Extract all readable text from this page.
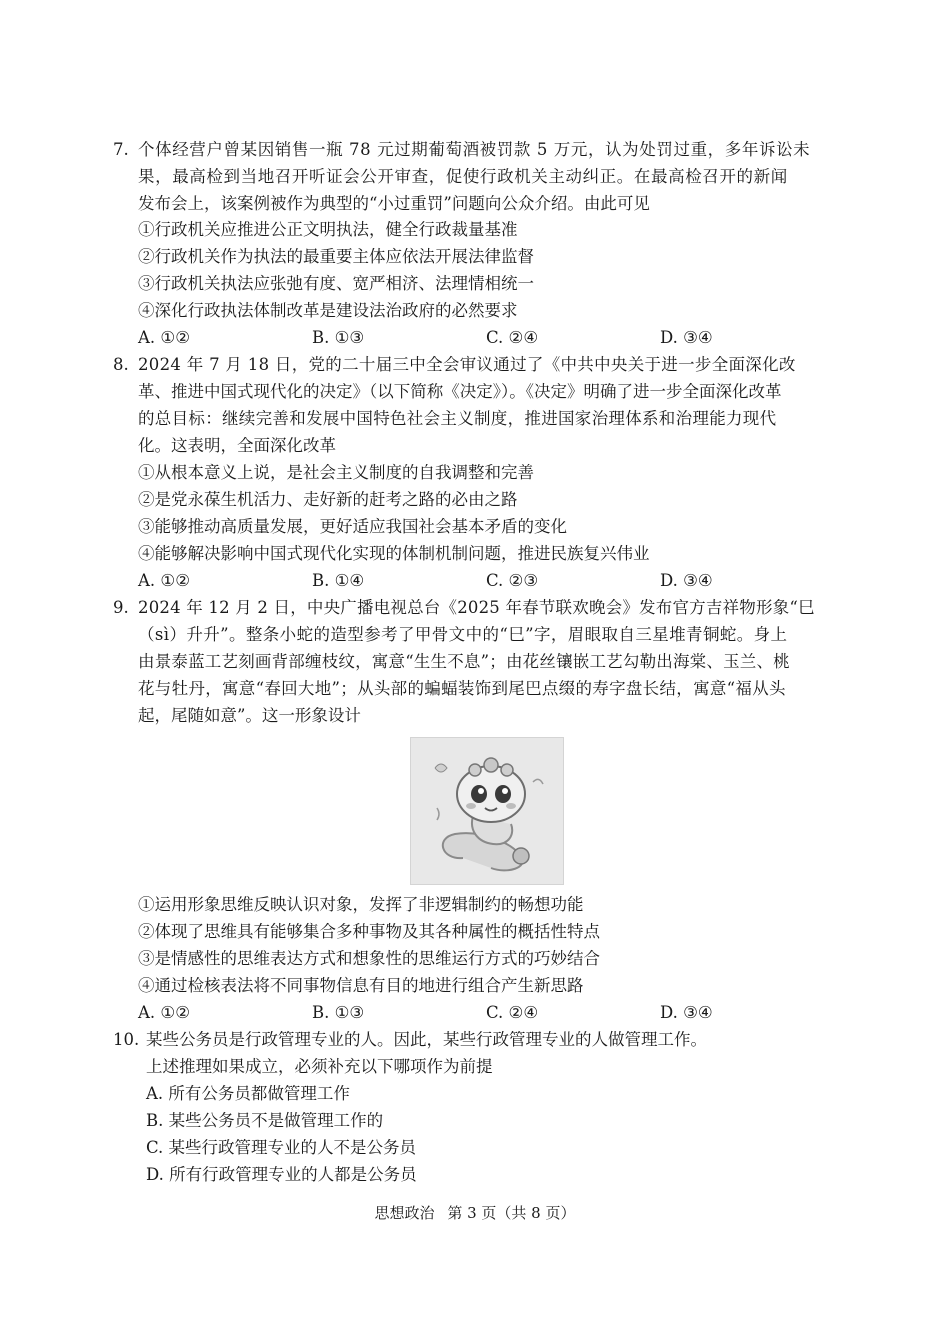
7. 个体经营户曾某因销售一瓶 78 元过期葡萄酒被罚款 5 万元，认为处罚过重，多年诉讼未
果，最高检到当地召开听证会公开审查，促使行政机关主动纠正。在最高检召开的新闻
发布会上，该案例被作为典型的“小过重罚”问题向公众介绍。由此可见
①行政机关应推进公正文明执法，健全行政裁量基准
②行政机关作为执法的最重要主体应依法开展法律监督
③行政机关执法应张弛有度、宽严相济、法理情相统一
④深化行政执法体制改革是建设法治政府的必然要求
A. ①②	B. ①③	C. ②④	D. ③④
8. 2024 年 7 月 18 日，党的二十届三中全会审议通过了《中共中央关于进一步全面深化改
革、推进中国式现代化的决定》（以下简称《决定》）。《决定》明确了进一步全面深化改革
的总目标：继续完善和发展中国特色社会主义制度，推进国家治理体系和治理能力现代
化。这表明，全面深化改革
①从根本意义上说，是社会主义制度的自我调整和完善
②是党永葆生机活力、走好新的赶考之路的必由之路
③能够推动高质量发展，更好适应我国社会基本矛盾的变化
④能够解决影响中国式现代化实现的体制机制问题，推进民族复兴伟业
A. ①②	B. ①④	C. ②③	D. ③④
9. 2024 年 12 月 2 日，中央广播电视总台《2025 年春节联欢晚会》发布官方吉祥物形象“巳
（sì）升升”。整条小蛇的造型参考了甲骨文中的“巳”字，眉眼取自三星堆青铜蛇。身上
由景泰蓝工艺刻画背部缠枝纹，寓意“生生不息”；由花丝镶嵌工艺勾勒出海棠、玉兰、桃
花与牡丹，寓意“春回大地”；从头部的蝙蝠装饰到尾巴点缀的寿字盘长结，寓意“福从头
起，尾随如意”。这一形象设计
①运用形象思维反映认识对象，发挥了非逻辑制约的畅想功能
②体现了思维具有能够集合多种事物及其各种属性的概括性特点
③是情感性的思维表达方式和想象性的思维运行方式的巧妙结合
④通过检核表法将不同事物信息有目的地进行组合产生新思路
A. ①②	B. ①③	C. ②④	D. ③④
10. 某些公务员是行政管理专业的人。因此，某些行政管理专业的人做管理工作。
上述推理如果成立，必须补充以下哪项作为前提
A. 所有公务员都做管理工作
B. 某些公务员不是做管理工作的
C. 某些行政管理专业的人不是公务员
D. 所有行政管理专业的人都是公务员
思想政治 第 3 页（共 8 页）
